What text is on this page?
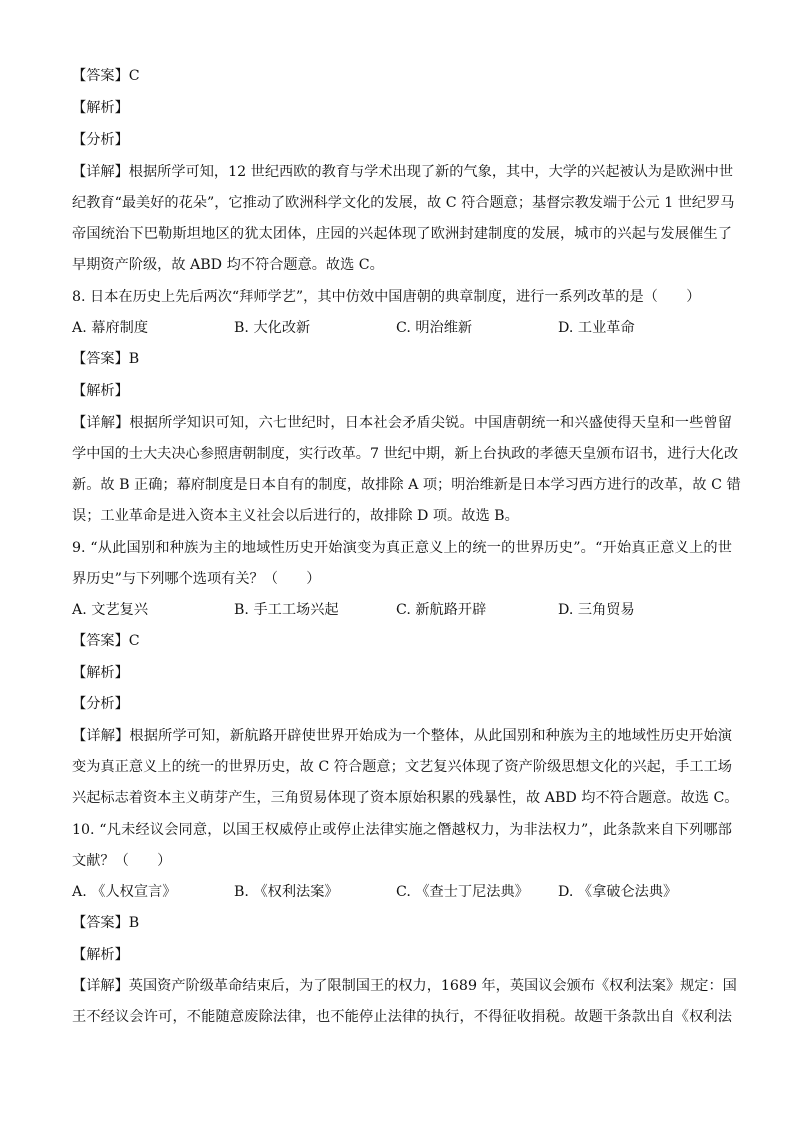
【答案】C
【解析】
【分析】
【详解】根据所学可知，12 世纪西欧的教育与学术出现了新的气象，其中，大学的兴起被认为是欧洲中世
纪教育“最美好的花朵”，它推动了欧洲科学文化的发展，故 C 符合题意；基督宗教发端于公元 1 世纪罗马
帝国统治下巴勒斯坦地区的犹太团体，庄园的兴起体现了欧洲封建制度的发展，城市的兴起与发展催生了
早期资产阶级，故 ABD 均不符合题意。故选 C。
8. 日本在历史上先后两次“拜师学艺”，其中仿效中国唐朝的典章制度，进行一系列改革的是（　　）
A. 幕府制度	B. 大化改新	C. 明治维新	D. 工业革命
【答案】B
【解析】
【详解】根据所学知识可知，六七世纪时，日本社会矛盾尖锐。中国唐朝统一和兴盛使得天皇和一些曾留
学中国的士大夫决心参照唐朝制度，实行改革。7 世纪中期，新上台执政的孝德天皇颁布诏书，进行大化改
新。故 B 正确；幕府制度是日本自有的制度，故排除 A 项；明治维新是日本学习西方进行的改革，故 C 错
误；工业革命是进入资本主义社会以后进行的，故排除 D 项。故选 B。
9. “从此国别和种族为主的地域性历史开始演变为真正意义上的统一的世界历史”。“开始真正意义上的世
界历史”与下列哪个选项有关？（　　）
A. 文艺复兴	B. 手工工场兴起	C. 新航路开辟	D. 三角贸易
【答案】C
【解析】
【分析】
【详解】根据所学可知，新航路开辟使世界开始成为一个整体，从此国别和种族为主的地域性历史开始演
变为真正意义上的统一的世界历史，故 C 符合题意；文艺复兴体现了资产阶级思想文化的兴起，手工工场
兴起标志着资本主义萌芽产生，三角贸易体现了资本原始积累的残暴性，故 ABD 均不符合题意。故选 C。
10. “凡未经议会同意，以国王权威停止或停止法律实施之僭越权力，为非法权力”，此条款来自下列哪部
文献？（　　）
A. 《人权宣言》	B. 《权利法案》	C. 《查士丁尼法典》 D. 《拿破仑法典》
【答案】B
【解析】
【详解】英国资产阶级革命结束后，为了限制国王的权力，1689 年，英国议会颁布《权利法案》规定：国
王不经议会许可，不能随意废除法律，也不能停止法律的执行，不得征收捐税。故题干条款出自《权利法
